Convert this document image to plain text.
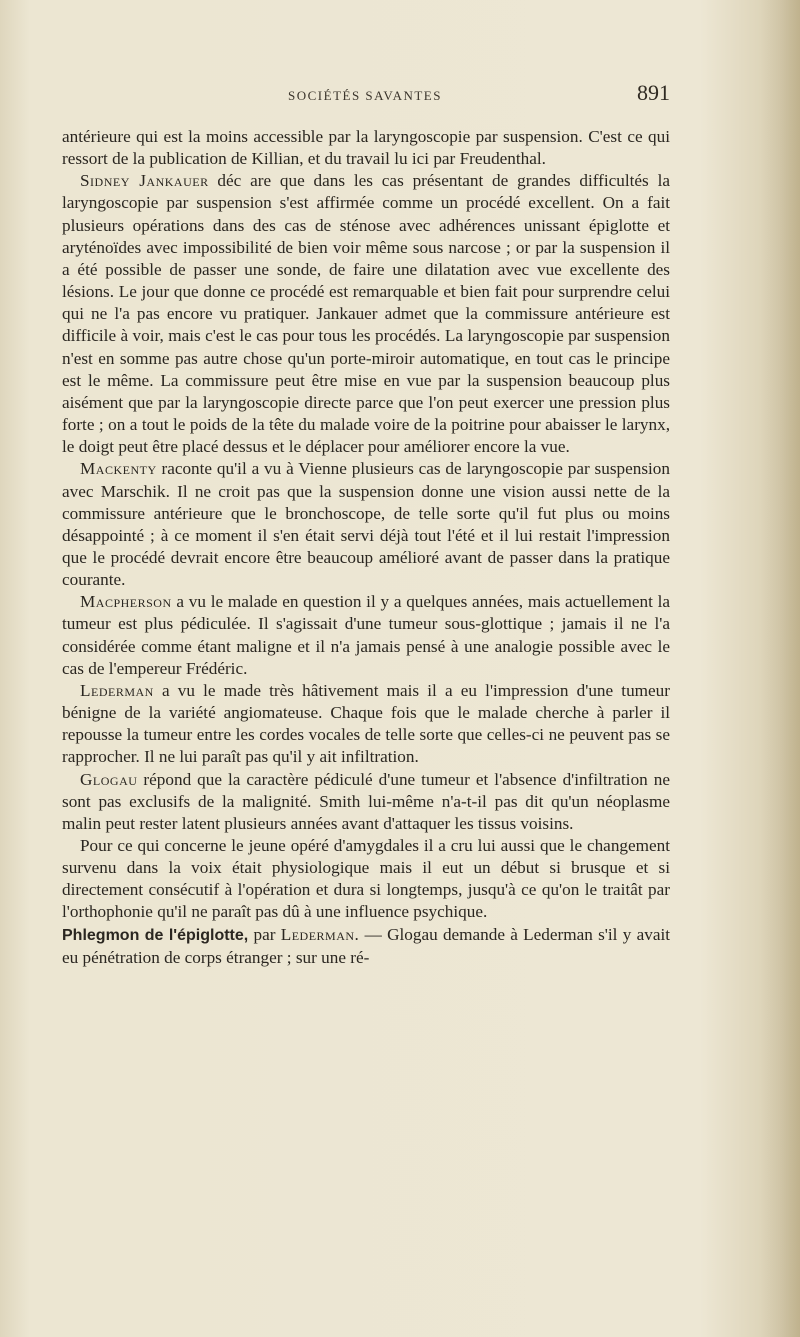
SOCIÉTÉS SAVANTES	891

antérieure qui est la moins accessible par la laryngoscopie par suspension. C'est ce qui ressort de la publication de Killian, et du travail lu ici par Freudenthal.

Sidney Jankauer déc are que dans les cas présentant de grandes difficultés la laryngoscopie par suspension s'est affirmée comme un procédé excellent. On a fait plusieurs opérations dans des cas de sténose avec adhérences unissant épiglotte et aryténoïdes avec impossibilité de bien voir même sous narcose ; or par la suspension il a été possible de passer une sonde, de faire une dilatation avec vue excellente des lésions. Le jour que donne ce procédé est remarquable et bien fait pour surprendre celui qui ne l'a pas encore vu pratiquer. Jankauer admet que la commissure antérieure est difficile à voir, mais c'est le cas pour tous les procédés. La laryngoscopie par suspension n'est en somme pas autre chose qu'un porte-miroir automatique, en tout cas le principe est le même. La commissure peut être mise en vue par la suspension beaucoup plus aisément que par la laryngoscopie directe parce que l'on peut exercer une pression plus forte ; on a tout le poids de la tête du malade voire de la poitrine pour abaisser le larynx, le doigt peut être placé dessus et le déplacer pour améliorer encore la vue.

Mackenty raconte qu'il a vu à Vienne plusieurs cas de laryngoscopie par suspension avec Marschik. Il ne croit pas que la suspension donne une vision aussi nette de la commissure antérieure que le bronchoscope, de telle sorte qu'il fut plus ou moins désappointé ; à ce moment il s'en était servi déjà tout l'été et il lui restait l'impression que le procédé devrait encore être beaucoup amélioré avant de passer dans la pratique courante.

Macpherson a vu le malade en question il y a quelques années, mais actuellement la tumeur est plus pédiculée. Il s'agissait d'une tumeur sous-glottique ; jamais il ne l'a considérée comme étant maligne et il n'a jamais pensé à une analogie possible avec le cas de l'empereur Frédéric.

Lederman a vu le made très hâtivement mais il a eu l'impression d'une tumeur bénigne de la variété angiomateuse. Chaque fois que le malade cherche à parler il repousse la tumeur entre les cordes vocales de telle sorte que celles-ci ne peuvent pas se rapprocher. Il ne lui paraît pas qu'il y ait infiltration.

Glogau répond que la caractère pédiculé d'une tumeur et l'absence d'infiltration ne sont pas exclusifs de la malignité. Smith lui-même n'a-t-il pas dit qu'un néoplasme malin peut rester latent plusieurs années avant d'attaquer les tissus voisins.

Pour ce qui concerne le jeune opéré d'amygdales il a cru lui aussi que le changement survenu dans la voix était physiologique mais il eut un début si brusque et si directement consécutif à l'opération et dura si longtemps, jusqu'à ce qu'on le traitât par l'orthophonie qu'il ne paraît pas dû à une influence psychique.

Phlegmon de l'épiglotte, par Lederman. — Glogau demande à Lederman s'il y avait eu pénétration de corps étranger ; sur une ré-
